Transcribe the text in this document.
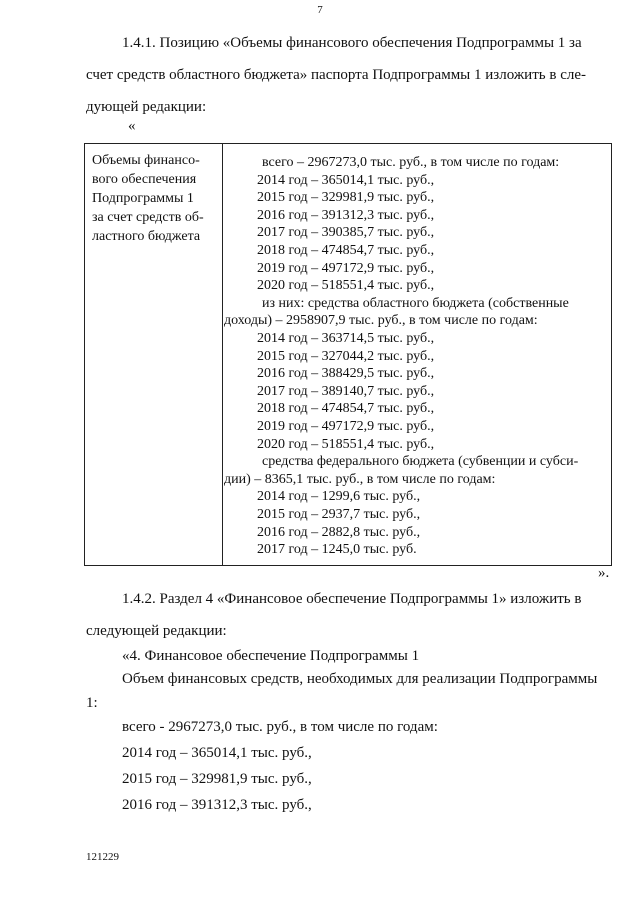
7
1.4.1. Позицию «Объемы финансового обеспечения Подпрограммы 1 за
счет средств областного бюджета» паспорта Подпрограммы 1 изложить в сле-
дующей редакции:
«
Объемы финансо-
вого обеспечения
Подпрограммы 1
за счет средств об-
ластного бюджета
всего – 2967273,0 тыс. руб., в том числе по годам:
2014 год – 365014,1 тыс. руб.,
2015 год – 329981,9 тыс. руб.,
2016 год – 391312,3 тыс. руб.,
2017 год – 390385,7 тыс. руб.,
2018 год – 474854,7 тыс. руб.,
2019 год – 497172,9 тыс. руб.,
2020 год – 518551,4 тыс. руб.,
из них: средства областного бюджета (собственные
доходы) – 2958907,9 тыс. руб., в том числе по годам:
2014 год – 363714,5 тыс. руб.,
2015 год – 327044,2 тыс. руб.,
2016 год – 388429,5 тыс. руб.,
2017 год – 389140,7 тыс. руб.,
2018 год – 474854,7 тыс. руб.,
2019 год – 497172,9 тыс. руб.,
2020 год – 518551,4 тыс. руб.,
средства федерального бюджета (субвенции и субси-
дии) – 8365,1 тыс. руб., в том числе по годам:
2014 год – 1299,6 тыс. руб.,
2015 год – 2937,7 тыс. руб.,
2016 год – 2882,8 тыс. руб.,
2017 год – 1245,0 тыс. руб.
».
1.4.2. Раздел 4 «Финансовое обеспечение Подпрограммы 1» изложить в
следующей редакции:
«4. Финансовое обеспечение Подпрограммы 1
Объем финансовых средств, необходимых для реализации Подпрограммы
1:
всего - 2967273,0 тыс. руб., в том числе по годам:
2014 год – 365014,1 тыс. руб.,
2015 год – 329981,9 тыс. руб.,
2016 год – 391312,3 тыс. руб.,
121229
